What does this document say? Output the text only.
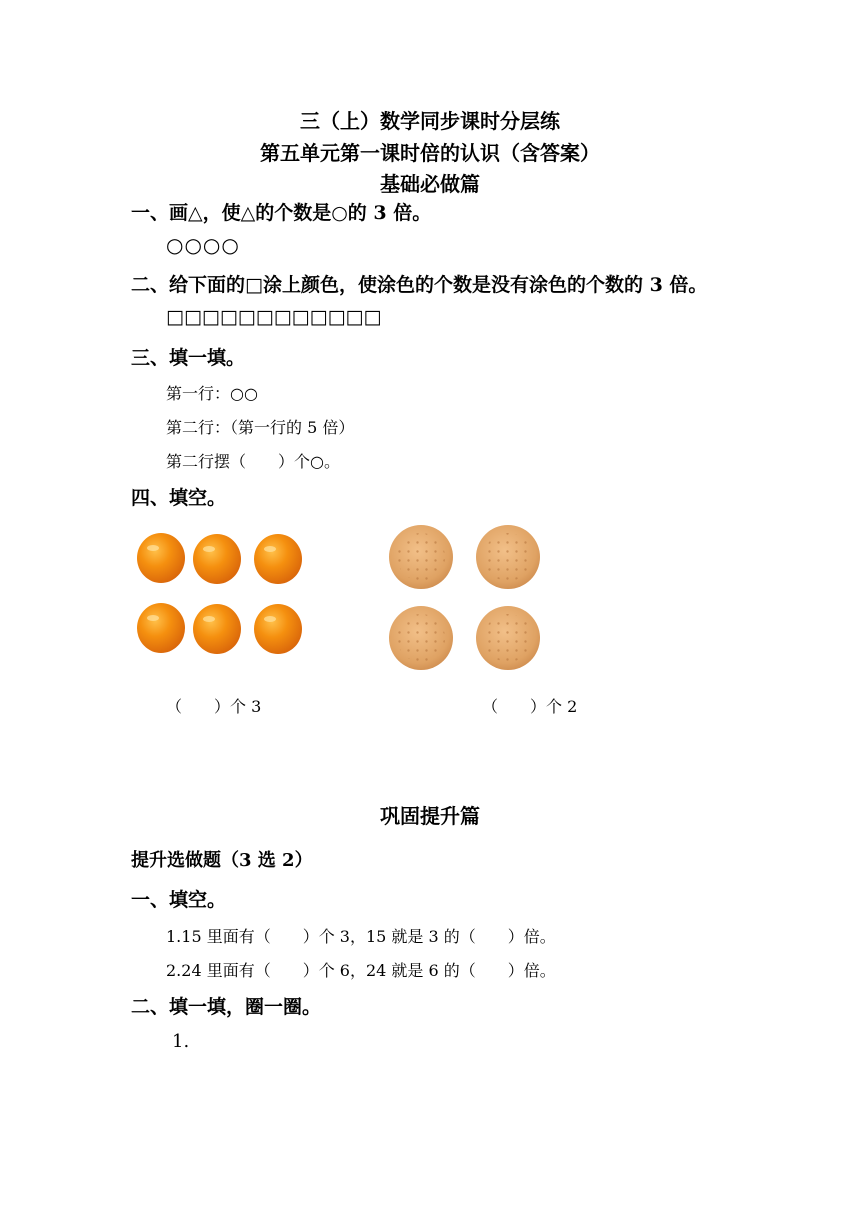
三（上）数学同步课时分层练
第五单元第一课时倍的认识（含答案）
基础必做篇
一、画△，使△的个数是○的 3 倍。
○○○○
二、给下面的□涂上颜色，使涂色的个数是没有涂色的个数的 3 倍。
□□□□□□□□□□□□
三、填一填。
第一行：○○
第二行：（第一行的 5 倍）
第二行摆（　　）个○。
四、填空。
（　　）个 3	（　　）个 2
巩固提升篇
提升选做题（3 选 2）
一、填空。
1.15 里面有（　　）个 3，15 就是 3 的（　　）倍。
2.24 里面有（　　）个 6，24 就是 6 的（　　）倍。
二、填一填，圈一圈。
1.
